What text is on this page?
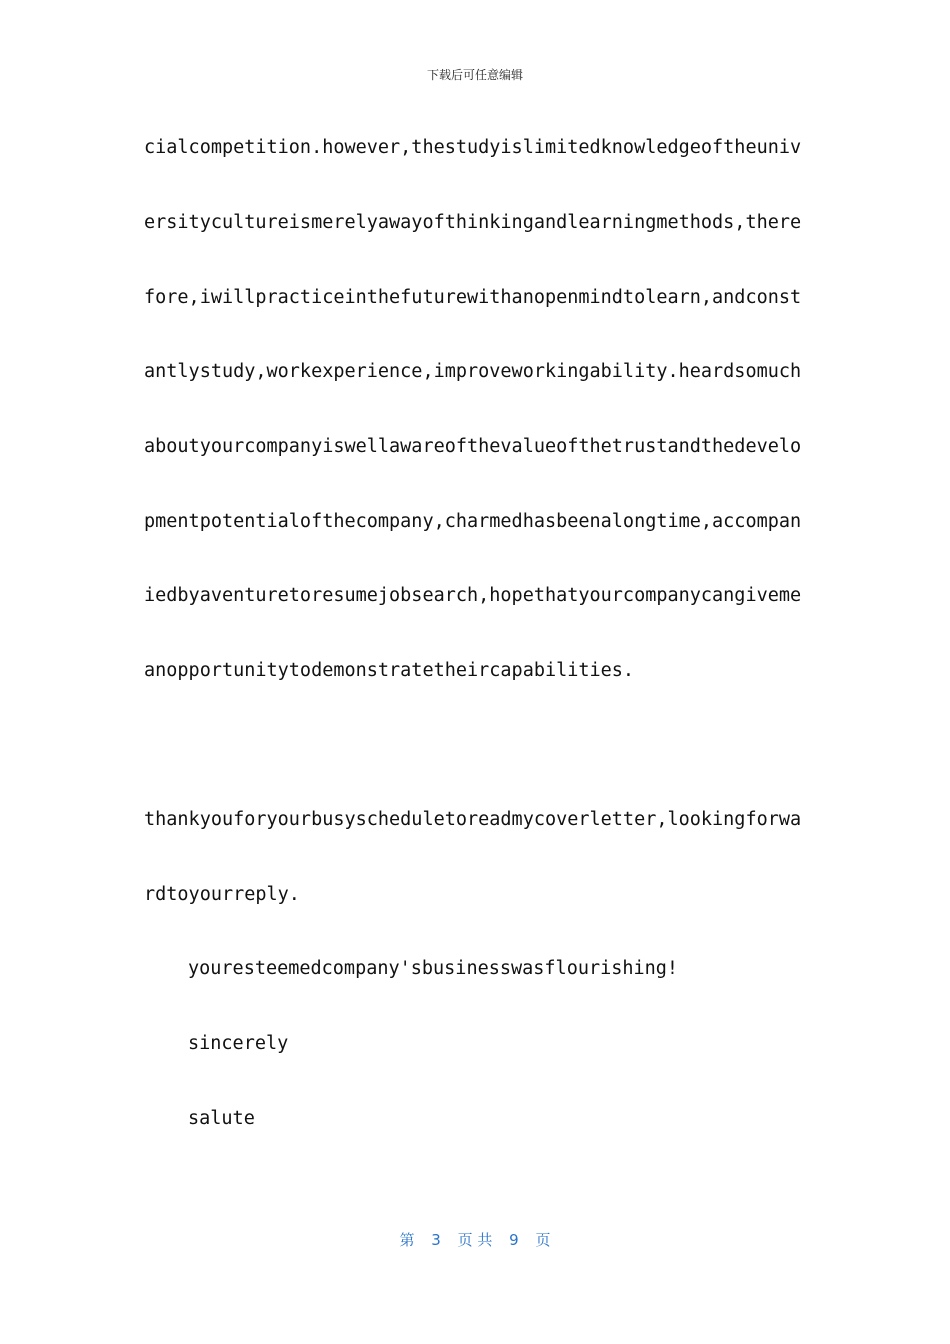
下载后可任意编辑
cialcompetition.however,thestudyislimitedknowledgeoftheuniv
ersitycultureismerelyawayofthinkingandlearningmethods,there
fore,iwillpracticeinthefuturewithanopenmindtolearn,andconst
antlystudy,workexperience,improveworkingability.heardsomuch
aboutyourcompanyiswellawareofthevalueofthetrustandthedevelo
pmentpotentialofthecompany,charmedhasbeenalongtime,accompan
iedbyaventuretoresumejobsearch,hopethatyourcompanycangiveme
anopportunitytodemonstratetheircapabilities.
thankyouforyourbusyscheduletoreadmycoverletter,lookingforwa
rdtoyourreply.
youresteemedcompany'sbusinesswasflourishing!
sincerely
salute
第 3 页 共 9 页
